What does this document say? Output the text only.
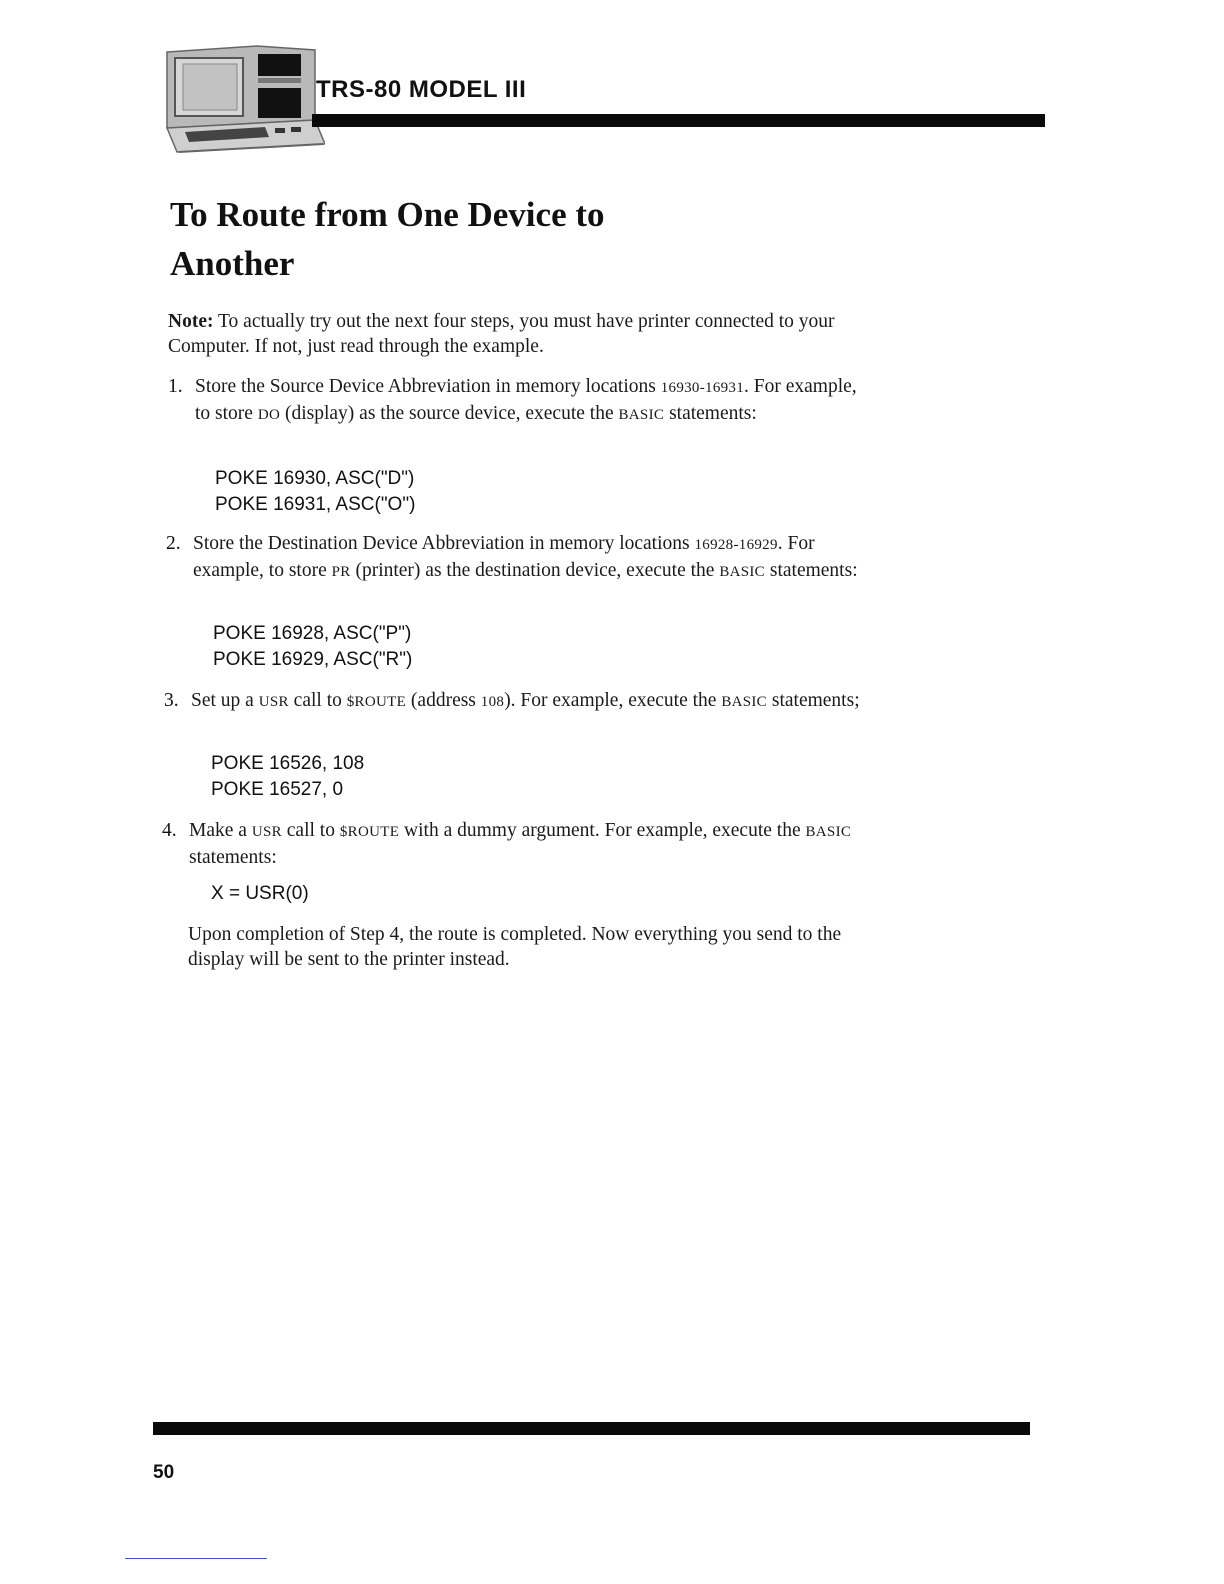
TRS-80 MODEL III
To Route from One Device to
Another

Note: To actually try out the next four steps, you must have printer connected to your Computer. If not, just read through the example.

1. Store the Source Device Abbreviation in memory locations 16930-16931. For example, to store DO (display) as the source device, execute the BASIC statements:

POKE 16930, ASC("D")
POKE 16931, ASC("O")
2. Store the Destination Device Abbreviation in memory locations 16928-16929. For example, to store PR (printer) as the destination device, execute the BASIC statements:

POKE 16928, ASC("P")
POKE 16929, ASC("R")
3. Set up a USR call to $ROUTE (address 108). For example, execute the BASIC statements;

POKE 16526, 108
POKE 16527, 0
4. Make a USR call to $ROUTE with a dummy argument. For example, execute the BASIC statements:

X = USR(0)

Upon completion of Step 4, the route is completed. Now everything you send to the display will be sent to the printer instead.

50
